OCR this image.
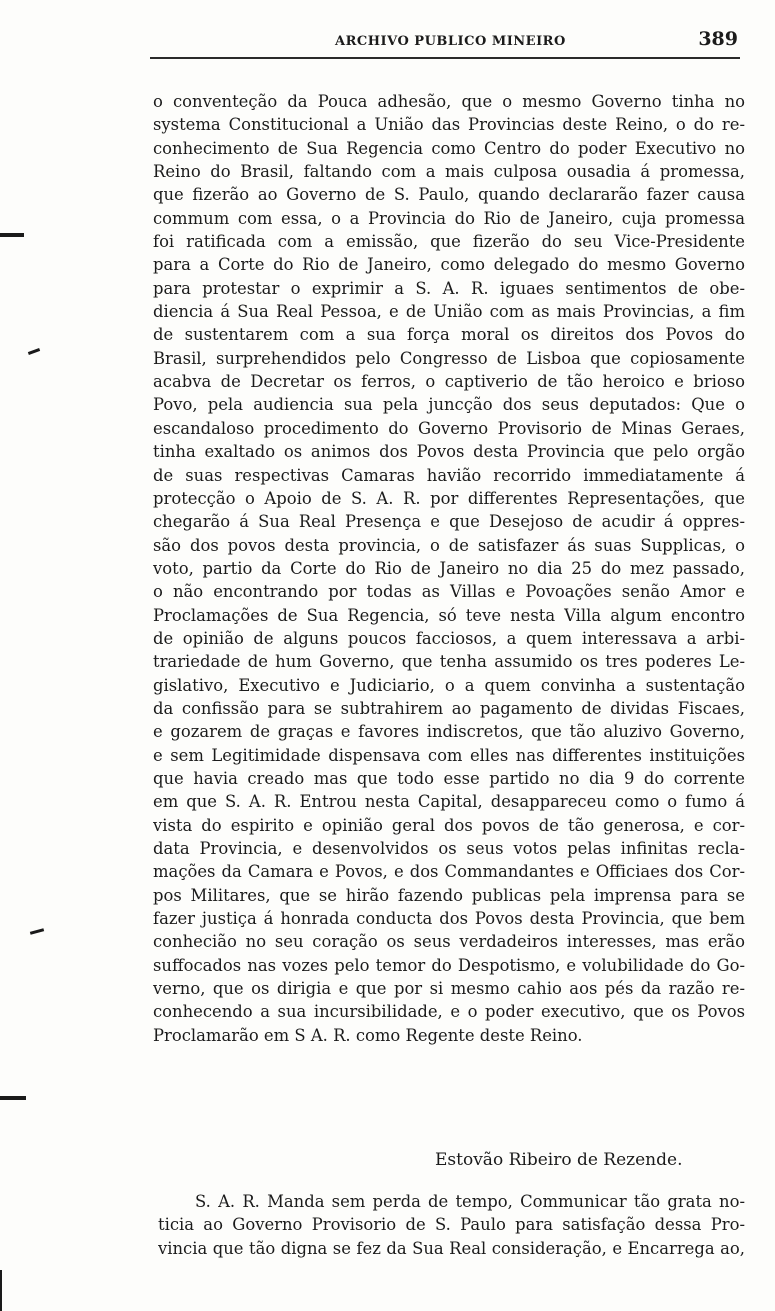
ARCHIVO PUBLICO MINEIRO	389
o conventeção da Pouca adhesão, que o mesmo Governo tinha no
systema Constitucional a União das Provincias deste Reino, o do re-
conhecimento de Sua Regencia como Centro do poder Executivo no
Reino do Brasil, faltando com a mais culposa ousadia á promessa,
que fizerão ao Governo de S. Paulo, quando declararão fazer causa
commum com essa, o a Provincia do Rio de Janeiro, cuja promessa
foi ratificada com a emissão, que fizerão do seu Vice-Presidente
para a Corte do Rio de Janeiro, como delegado do mesmo Governo
para protestar o exprimir a S. A. R. iguaes sentimentos de obe-
diencia á Sua Real Pessoa, e de União com as mais Provincias, a fim
de sustentarem com a sua força moral os direitos dos Povos do
Brasil, surprehendidos pelo Congresso de Lisboa que copiosamente
acabva de Decretar os ferros, o captiverio de tão heroico e brioso
Povo, pela audiencia sua pela juncção dos seus deputados: Que o
escandaloso procedimento do Governo Provisorio de Minas Geraes,
tinha exaltado os animos dos Povos desta Provincia que pelo orgão
de suas respectivas Camaras havião recorrido immediatamente á
protecção o Apoio de S. A. R. por differentes Representações, que
chegarão á Sua Real Presença e que Desejoso de acudir á oppres-
são dos povos desta provincia, o de satisfazer ás suas Supplicas, o
voto, partio da Corte do Rio de Janeiro no dia 25 do mez passado,
o não encontrando por todas as Villas e Povoações senão Amor e
Proclamações de Sua Regencia, só teve nesta Villa algum encontro
de opinião de alguns poucos facciosos, a quem interessava a arbi-
trariedade de hum Governo, que tenha assumido os tres poderes Le-
gislativo, Executivo e Judiciario, o a quem convinha a sustentação
da confissão para se subtrahirem ao pagamento de dividas Fiscaes,
e gozarem de graças e favores indiscretos, que tão aluzivo Governo,
e sem Legitimidade dispensava com elles nas differentes instituições
que havia creado mas que todo esse partido no dia 9 do corrente
em que S. A. R. Entrou nesta Capital, desappareceu como o fumo á
vista do espirito e opinião geral dos povos de tão generosa, e cor-
data Provincia, e desenvolvidos os seus votos pelas infinitas recla-
mações da Camara e Povos, e dos Commandantes e Officiaes dos Cor-
pos Militares, que se hirão fazendo publicas pela imprensa para se
fazer justiça á honrada conducta dos Povos desta Provincia, que bem
conhecião no seu coração os seus verdadeiros interesses, mas erão
suffocados nas vozes pelo temor do Despotismo, e volubilidade do Go-
verno, que os dirigia e que por si mesmo cahio aos pés da razão re-
conhecendo a sua incursibilidade, e o poder executivo, que os Povos
Proclamarão em S A. R. como Regente deste Reino.
Estovão Ribeiro de Rezende.
S. A. R. Manda sem perda de tempo, Communicar tão grata no-
ticia ao Governo Provisorio de S. Paulo para satisfação dessa Pro-
vincia que tão digna se fez da Sua Real consideração, e Encarrega ao,
